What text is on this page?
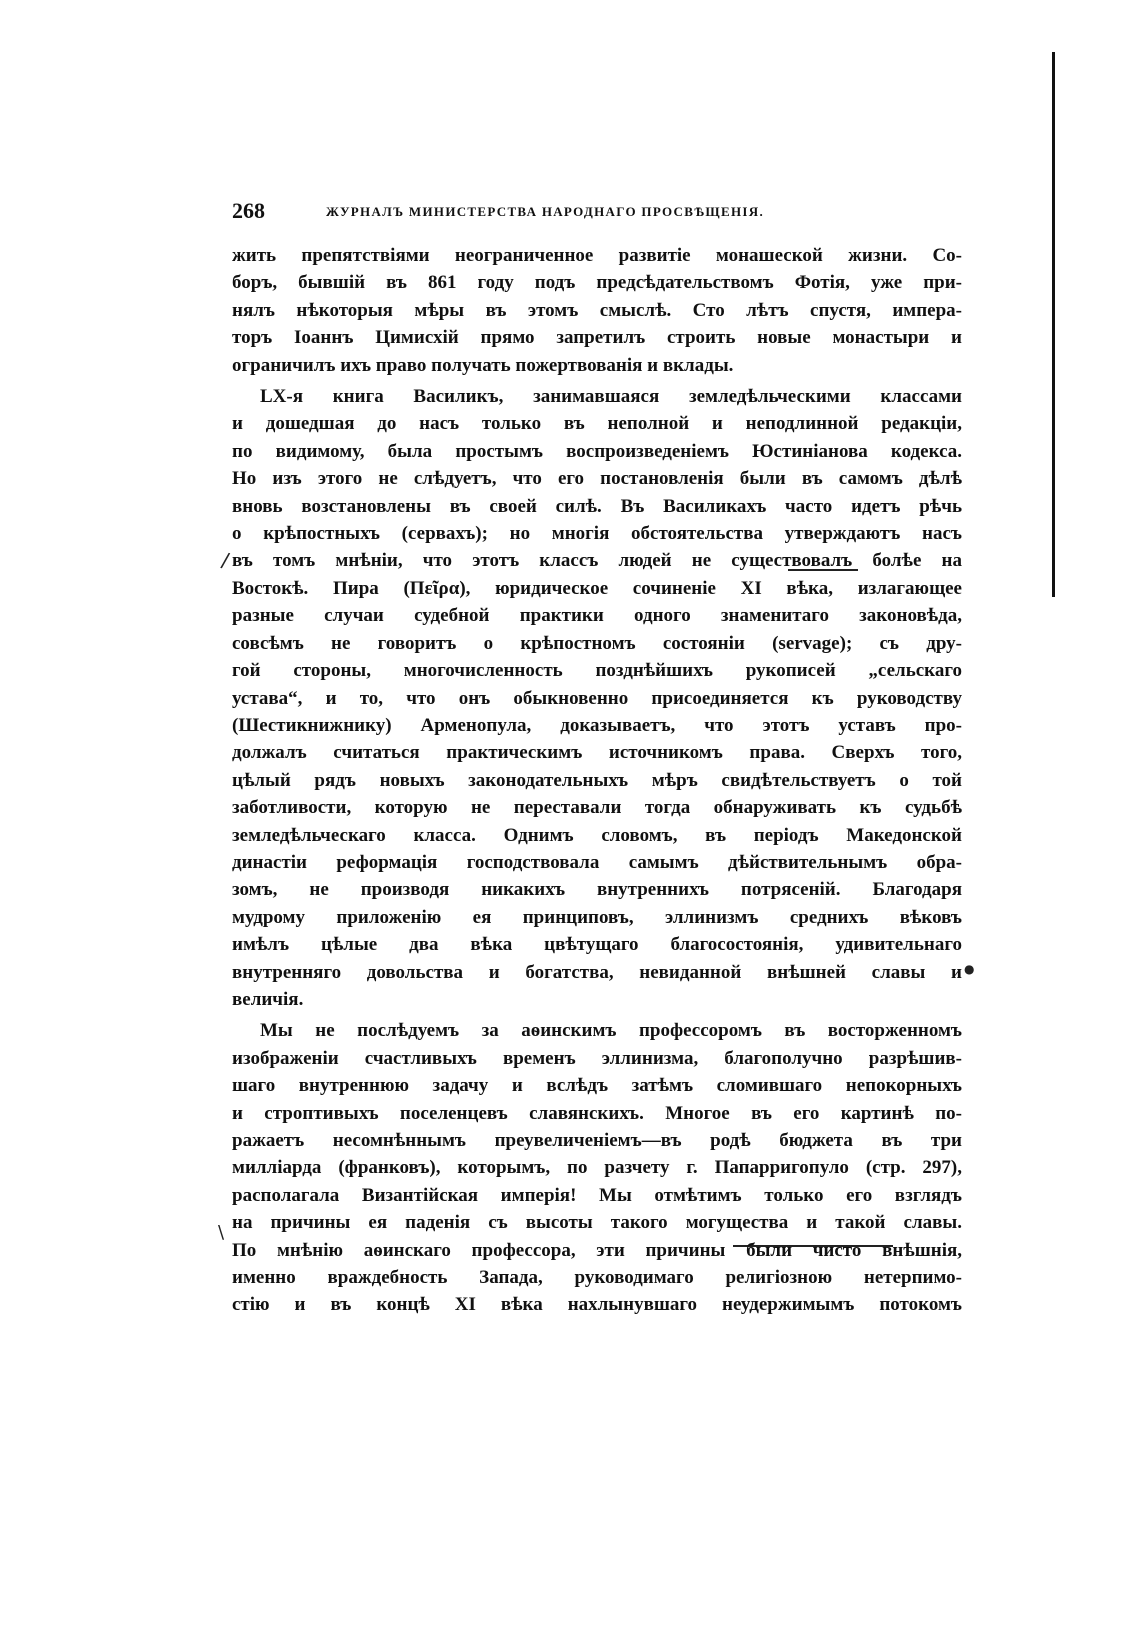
268	ЖУРНАЛЪ МИНИСТЕРСТВА НАРОДНАГО ПРОСВѢЩЕНІЯ.
/
\
●
жить препятствіями неограниченное развитіе монашеской жизни. Со-
боръ, бывшій въ 861 году подъ предсѣдательствомъ Фотія, уже при-
нялъ нѣкоторыя мѣры въ этомъ смыслѣ. Сто лѣтъ спустя, импера-
торъ Іоаннъ Цимисхій прямо запретилъ строить новые монастыри и
ограничилъ ихъ право получать пожертвованія и вклады.
LX-я книга Василикъ, занимавшаяся земледѣльческими классами
и дошедшая до насъ только въ неполной и неподлинной редакціи,
по видимому, была простымъ воспроизведеніемъ Юстиніанова кодекса.
Но изъ этого не слѣдуетъ, что его постановленія были въ самомъ дѣлѣ
вновь возстановлены въ своей силѣ. Въ Василикахъ часто идетъ рѣчь
о крѣпостныхъ (сервахъ); но многія обстоятельства утверждаютъ насъ
въ томъ мнѣніи, что этотъ классъ людей не существовалъ болѣе на
Востокѣ. Пира (Πεῖρα), юридическое сочиненіе XI вѣка, излагающее
разные случаи судебной практики одного знаменитаго законовѣда,
совсѣмъ не говоритъ о крѣпостномъ состояніи (servage); съ дру-
гой стороны, многочисленность позднѣйшихъ рукописей „сельскаго
устава“, и то, что онъ обыкновенно присоединяется къ руководству
(Шестикнижнику) Арменопула, доказываетъ, что этотъ уставъ про-
должалъ считаться практическимъ источникомъ права. Сверхъ того,
цѣлый рядъ новыхъ законодательныхъ мѣръ свидѣтельствуетъ о той
заботливости, которую не переставали тогда обнаруживать къ судьбѣ
земледѣльческаго класса. Однимъ словомъ, въ періодъ Македонской
династіи реформація господствовала самымъ дѣйствительнымъ обра-
зомъ, не производя никакихъ внутреннихъ потрясеній. Благодаря
мудрому приложенію ея принциповъ, эллинизмъ среднихъ вѣковъ
имѣлъ цѣлые два вѣка цвѣтущаго благосостоянія, удивительнаго
внутренняго довольства и богатства, невиданной внѣшней славы и
величія.
Мы не послѣдуемъ за аѳинскимъ профессоромъ въ восторженномъ
изображеніи счастливыхъ временъ эллинизма, благополучно разрѣшив-
шаго внутреннюю задачу и вслѣдъ затѣмъ сломившаго непокорныхъ
и строптивыхъ поселенцевъ славянскихъ. Многое въ его картинѣ по-
ражаетъ несомнѣннымъ преувеличеніемъ—въ родѣ бюджета въ три
милліарда (франковъ), которымъ, по разчету г. Папарригопуло (стр. 297),
располагала Византійская имперія! Мы отмѣтимъ только его взглядъ
на причины ея паденія съ высоты такого могущества и такой славы.
По мнѣнію аѳинскаго профессора, эти причины были чисто внѣшнія,
именно враждебность Запада, руководимаго религіозною нетерпимо-
стію и въ концѣ XI вѣка нахлынувшаго неудержимымъ потокомъ
